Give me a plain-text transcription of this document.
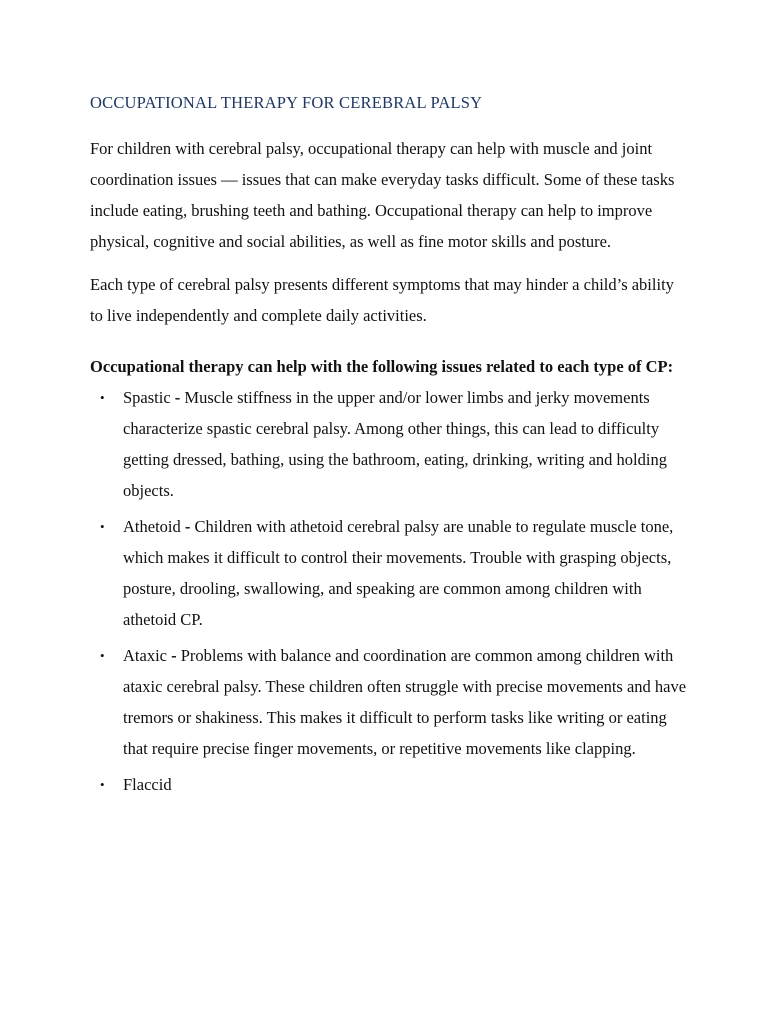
OCCUPATIONAL THERAPY FOR CEREBRAL PALSY

For children with cerebral palsy, occupational therapy can help with muscle and joint coordination issues — issues that can make everyday tasks difficult. Some of these tasks include eating, brushing teeth and bathing. Occupational therapy can help to improve physical, cognitive and social abilities, as well as fine motor skills and posture.

Each type of cerebral palsy presents different symptoms that may hinder a child’s ability to live independently and complete daily activities.

Occupational therapy can help with the following issues related to each type of CP:

• Spastic - Muscle stiffness in the upper and/or lower limbs and jerky movements characterize spastic cerebral palsy. Among other things, this can lead to difficulty getting dressed, bathing, using the bathroom, eating, drinking, writing and holding objects.
• Athetoid - Children with athetoid cerebral palsy are unable to regulate muscle tone, which makes it difficult to control their movements. Trouble with grasping objects, posture, drooling, swallowing, and speaking are common among children with athetoid CP.
• Ataxic - Problems with balance and coordination are common among children with ataxic cerebral palsy. These children often struggle with precise movements and have tremors or shakiness. This makes it difficult to perform tasks like writing or eating that require precise finger movements, or repetitive movements like clapping.
• Flaccid
